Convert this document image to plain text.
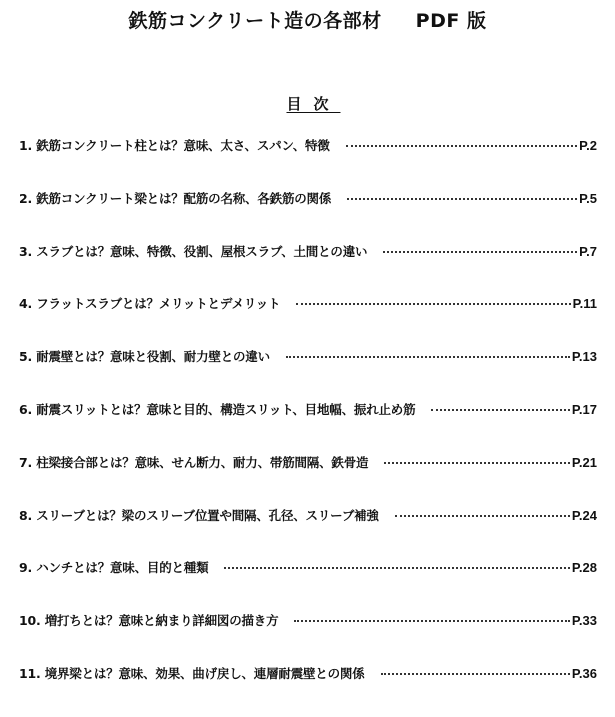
鉄筋コンクリート造の各部材 PDF 版
目次
1. 鉄筋コンクリート柱とは？意味、太さ、スパン、特徴	P.2
2. 鉄筋コンクリート梁とは？配筋の名称、各鉄筋の関係	P.5
3. スラブとは？意味、特徴、役割、屋根スラブ、土間との違い	P.7
4. フラットスラブとは？メリットとデメリット	P.11
5. 耐震壁とは？意味と役割、耐力壁との違い	P.13
6. 耐震スリットとは？意味と目的、構造スリット、目地幅、振れ止め筋	P.17
7. 柱梁接合部とは？意味、せん断力、耐力、帯筋間隔、鉄骨造	P.21
8. スリーブとは？梁のスリーブ位置や間隔、孔径、スリーブ補強	P.24
9. ハンチとは？意味、目的と種類	P.28
10. 増打ちとは？意味と納まり詳細図の描き方	P.33
11. 境界梁とは？意味、効果、曲げ戻し、連層耐震壁との関係	P.36
